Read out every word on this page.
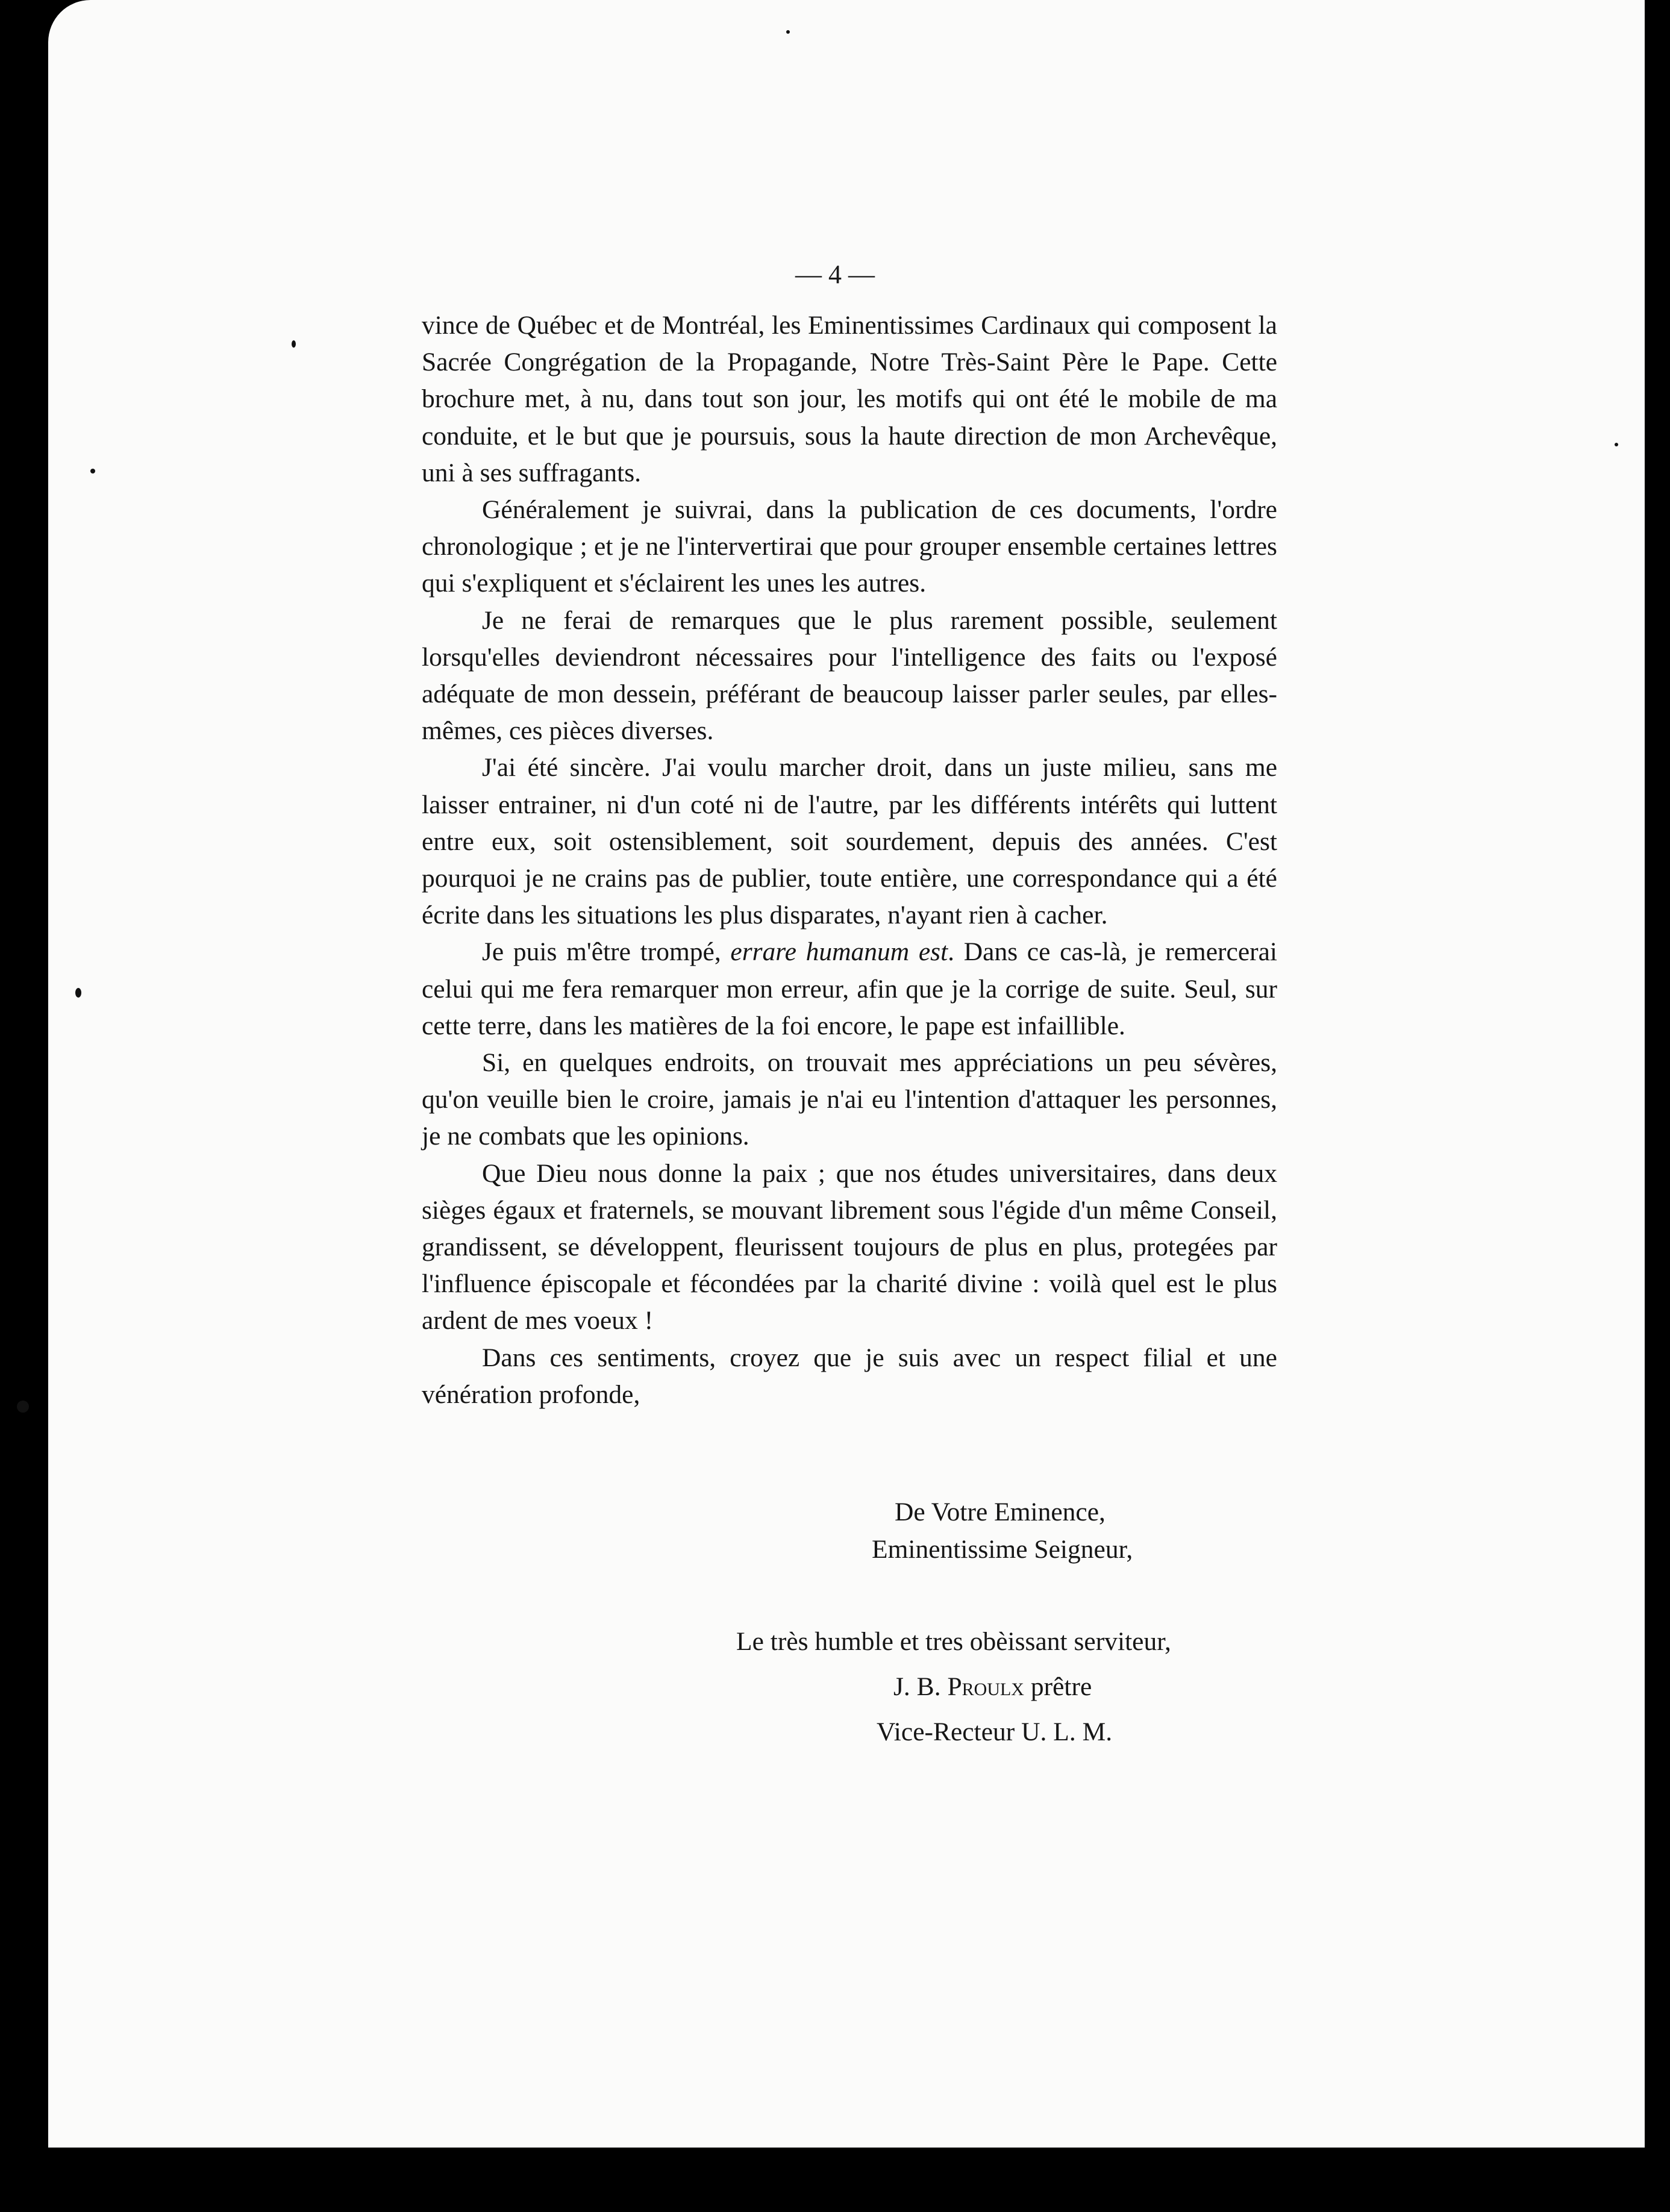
— 4 —

vince de Québec et de Montréal, les Eminentissimes Cardinaux qui composent la Sacrée Congrégation de la Propagande, Notre Très-Saint Père le Pape. Cette brochure met, à nu, dans tout son jour, les motifs qui ont été le mobile de ma conduite, et le but que je poursuis, sous la haute direction de mon Archevêque, uni à ses suffragants.

Généralement je suivrai, dans la publication de ces documents, l'ordre chronologique ; et je ne l'intervertirai que pour grouper ensemble certaines lettres qui s'expliquent et s'éclairent les unes les autres.

Je ne ferai de remarques que le plus rarement possible, seulement lorsqu'elles deviendront nécessaires pour l'intelligence des faits ou l'exposé adéquate de mon dessein, préférant de beaucoup laisser parler seules, par elles-mêmes, ces pièces diverses.

J'ai été sincère. J'ai voulu marcher droit, dans un juste milieu, sans me laisser entrainer, ni d'un coté ni de l'autre, par les différents intérêts qui luttent entre eux, soit ostensiblement, soit sourdement, depuis des années. C'est pourquoi je ne crains pas de publier, toute entière, une correspondance qui a été écrite dans les situations les plus disparates, n'ayant rien à cacher.

Je puis m'être trompé, errare humanum est. Dans ce cas-là, je remercerai celui qui me fera remarquer mon erreur, afin que je la corrige de suite. Seul, sur cette terre, dans les matières de la foi encore, le pape est infaillible.

Si, en quelques endroits, on trouvait mes appréciations un peu sévères, qu'on veuille bien le croire, jamais je n'ai eu l'intention d'attaquer les personnes, je ne combats que les opinions.

Que Dieu nous donne la paix ; que nos études universitaires, dans deux sièges égaux et fraternels, se mouvant librement sous l'égide d'un même Conseil, grandissent, se développent, fleurissent toujours de plus en plus, protegées par l'influence épiscopale et fécondées par la charité divine : voilà quel est le plus ardent de mes voeux !

Dans ces sentiments, croyez que je suis avec un respect filial et une vénération profonde,

De Votre Eminence,
Eminentissime Seigneur,
Le très humble et tres obèissant serviteur,
J. B. Proulx prêtre
Vice-Recteur U. L. M.
